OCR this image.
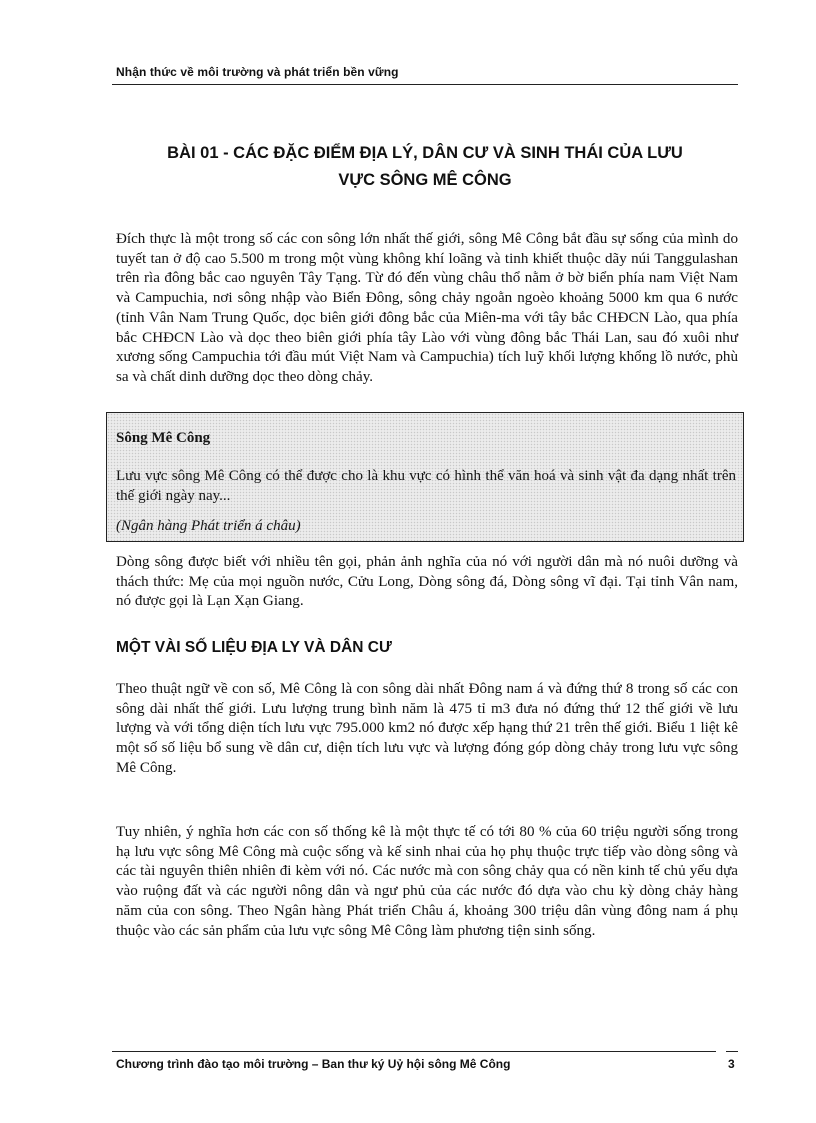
Nhận thức về môi trường và phát triển bền vững
BÀI 01 - CÁC ĐẶC ĐIỂM ĐỊA LÝ, DÂN CƯ VÀ SINH THÁI CỦA LƯU
VỰC SÔNG MÊ CÔNG

Đích thực là một trong số các con sông lớn nhất thế giới, sông Mê Công bắt đầu sự sống của mình do tuyết tan ở độ cao 5.500 m trong một vùng không khí loãng và tinh khiết thuộc dãy núi Tanggulashan trên rìa đông bắc cao nguyên Tây Tạng. Từ đó đến vùng châu thổ nằm ở bờ biển phía nam Việt Nam và Campuchia, nơi sông nhập vào Biển Đông, sông chảy ngoằn ngoèo khoảng 5000 km qua 6 nước (tỉnh Vân Nam Trung Quốc, dọc biên giới đông bắc của Miên-ma với tây bắc CHĐCN Lào, qua phía bắc CHĐCN Lào và dọc theo biên giới phía tây Lào với vùng đông bắc Thái Lan, sau đó xuôi như xương sống Campuchia tới đầu mút Việt Nam và Campuchia) tích luỹ khối lượng khổng lồ nước, phù sa và chất dinh dưỡng dọc theo dòng chảy.

Sông Mê Công

Lưu vực sông Mê Công có thể được cho là khu vực có hình thể văn hoá và sinh vật đa dạng nhất trên thế giới ngày nay...

(Ngân hàng Phát triển á châu)

Dòng sông được biết với nhiều tên gọi, phản ảnh nghĩa của nó với người dân mà nó nuôi dưỡng và thách thức: Mẹ của mọi nguồn nước, Cửu Long, Dòng sông đá, Dòng sông vĩ đại. Tại tỉnh Vân nam, nó được gọi là Lạn Xạn Giang.

MỘT VÀI SỐ LIỆU ĐỊA LY VÀ DÂN CƯ

Theo thuật ngữ về con số, Mê Công là con sông dài nhất Đông nam á và đứng thứ 8 trong số các con sông dài nhất thế giới. Lưu lượng trung bình năm là 475 tỉ m3 đưa nó đứng thứ 12 thế giới về lưu lượng và với tổng diện tích lưu vực 795.000 km2 nó được xếp hạng thứ 21 trên thế giới. Biểu 1 liệt kê một số số liệu bổ sung về dân cư, diện tích lưu vực và lượng đóng góp dòng chảy trong lưu vực sông Mê Công.

Tuy nhiên, ý nghĩa hơn các con số thống kê là một thực tế có tới 80 % của 60 triệu người sống trong hạ lưu vực sông Mê Công mà cuộc sống và kế sinh nhai của họ phụ thuộc trực tiếp vào dòng sông và các tài nguyên thiên nhiên đi kèm với nó. Các nước mà con sông chảy qua có nền kinh tế chủ yếu dựa vào ruộng đất và các người nông dân và ngư phủ của các nước đó dựa vào chu kỳ dòng chảy hàng năm của con sông. Theo Ngân hàng Phát triển Châu á, khoảng 300 triệu dân vùng đông nam á phụ thuộc vào các sản phẩm của lưu vực sông Mê Công làm phương tiện sinh sống.

Chương trình đào tạo môi trường – Ban thư ký Uỷ hội sông Mê Công	3
